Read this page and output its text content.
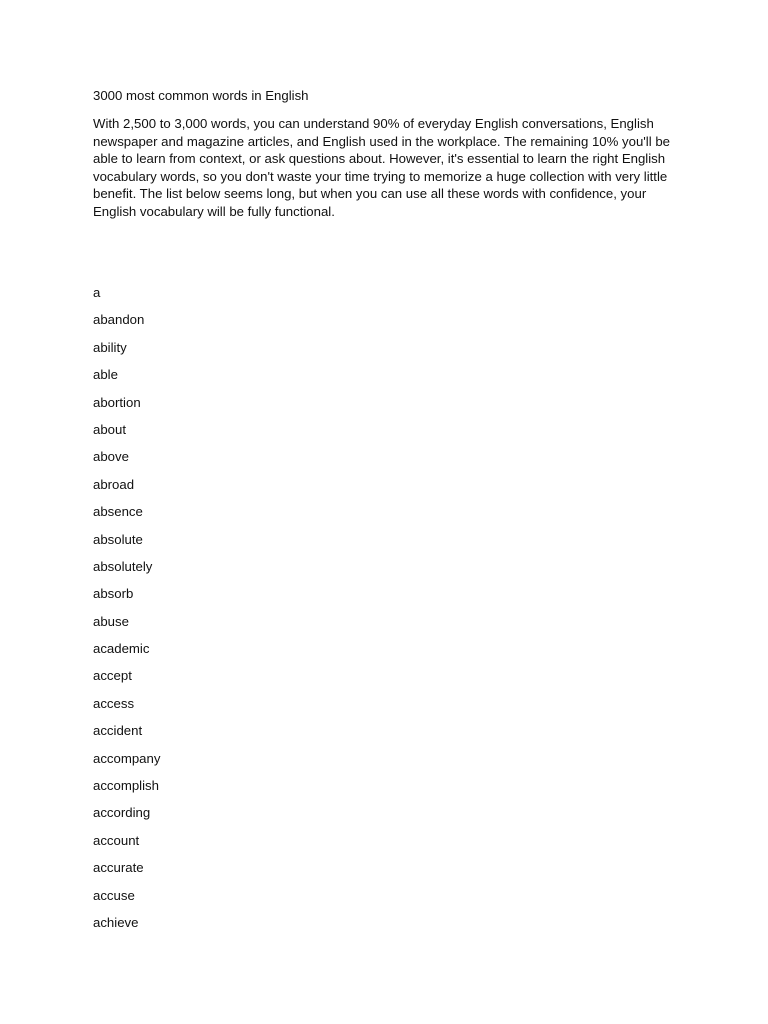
3000 most common words in English

With 2,500 to 3,000 words, you can understand 90% of everyday English conversations, English newspaper and magazine articles, and English used in the workplace. The remaining 10% you'll be able to learn from context, or ask questions about. However, it's essential to learn the right English vocabulary words, so you don't waste your time trying to memorize a huge collection with very little benefit. The list below seems long, but when you can use all these words with confidence, your English vocabulary will be fully functional.

a
abandon
ability
able
abortion
about
above
abroad
absence
absolute
absolutely
absorb
abuse
academic
accept
access
accident
accompany
accomplish
according
account
accurate
accuse
achieve
